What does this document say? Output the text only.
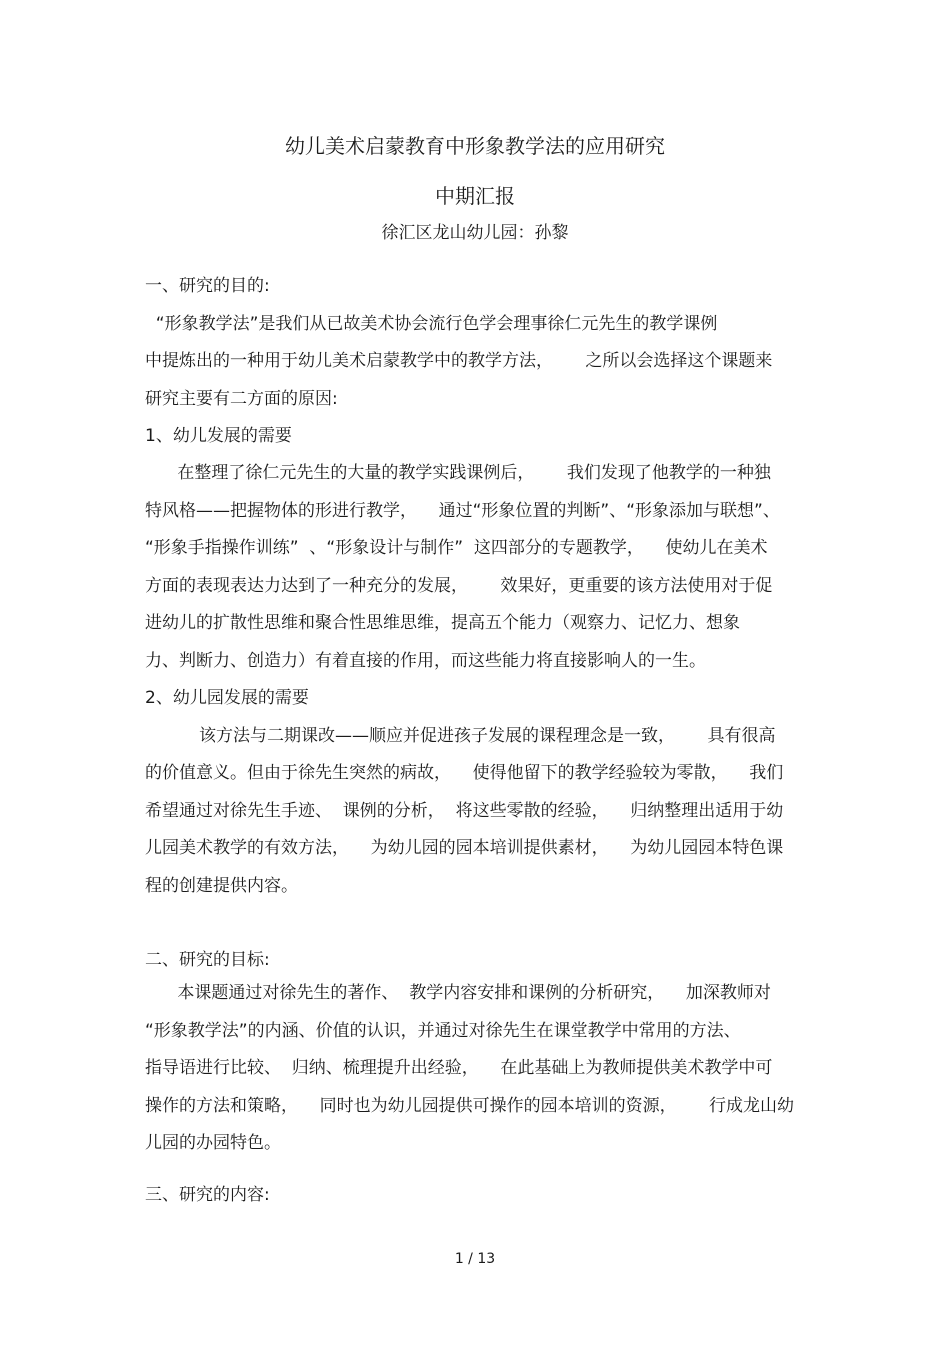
幼儿美术启蒙教育中形象教学法的应用研究
中期汇报
徐汇区龙山幼儿园：孙黎
一、研究的目的:
“形象教学法”是我们从已故美术协会流行色学会理事徐仁元先生的教学课例
中提炼出的一种用于幼儿美术启蒙教学中的教学方法，      之所以会选择这个课题来
研究主要有二方面的原因:
1、幼儿发展的需要
在整理了徐仁元先生的大量的教学实践课例后，      我们发现了他教学的一种独
特风格——把握物体的形进行教学，    通过“形象位置的判断”、“形象添加与联想”、
“形象手指操作训练”  、“形象设计与制作”  这四部分的专题教学，    使幼儿在美术
方面的表现表达力达到了一种充分的发展，      效果好，更重要的该方法使用对于促
进幼儿的扩散性思维和聚合性思维思维，提高五个能力（观察力、记忆力、想象
力、判断力、创造力）有着直接的作用，而这些能力将直接影响人的一生。
2、幼儿园发展的需要
该方法与二期课改——顺应并促进孩子发展的课程理念是一致，      具有很高
的价值意义。但由于徐先生突然的病故，    使得他留下的教学经验较为零散，    我们
希望通过对徐先生手迹、  课例的分析，  将这些零散的经验，    归纳整理出适用于幼
儿园美术教学的有效方法，    为幼儿园的园本培训提供素材，    为幼儿园园本特色课
程的创建提供内容。
二、研究的目标:
本课题通过对徐先生的著作、  教学内容安排和课例的分析研究，    加深教师对
“形象教学法”的内涵、价值的认识，并通过对徐先生在课堂教学中常用的方法、
指导语进行比较、  归纳、梳理提升出经验，    在此基础上为教师提供美术教学中可
操作的方法和策略，    同时也为幼儿园提供可操作的园本培训的资源，      行成龙山幼
儿园的办园特色。
三、研究的内容:
1 / 13
